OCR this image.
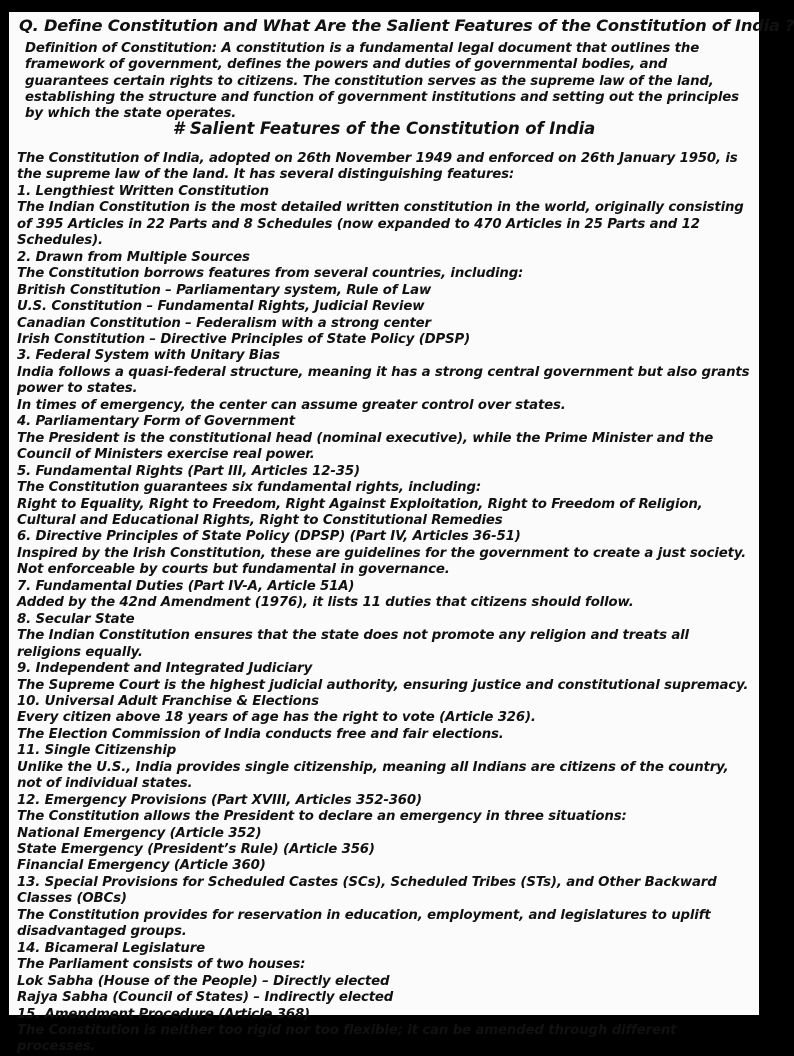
Q. Define Constitution and What Are the Salient Features of the Constitution of India ?
Definition of Constitution: A constitution is a fundamental legal document that outlines the framework of government, defines the powers and duties of governmental bodies, and guarantees certain rights to citizens. The constitution serves as the supreme law of the land, establishing the structure and function of government institutions and setting out the principles by which the state operates.
# Salient Features of the Constitution of India
The Constitution of India, adopted on 26th November 1949 and enforced on 26th January 1950, is the supreme law of the land. It has several distinguishing features:
1. Lengthiest Written Constitution
The Indian Constitution is the most detailed written constitution in the world, originally consisting of 395 Articles in 22 Parts and 8 Schedules (now expanded to 470 Articles in 25 Parts and 12 Schedules).
2. Drawn from Multiple Sources
The Constitution borrows features from several countries, including:
British Constitution – Parliamentary system, Rule of Law
U.S. Constitution – Fundamental Rights, Judicial Review
Canadian Constitution – Federalism with a strong center
Irish Constitution – Directive Principles of State Policy (DPSP)
3. Federal System with Unitary Bias
India follows a quasi-federal structure, meaning it has a strong central government but also grants power to states.
In times of emergency, the center can assume greater control over states.
4. Parliamentary Form of Government
The President is the constitutional head (nominal executive), while the Prime Minister and the Council of Ministers exercise real power.
5. Fundamental Rights (Part III, Articles 12-35)
The Constitution guarantees six fundamental rights, including:
Right to Equality, Right to Freedom, Right Against Exploitation, Right to Freedom of Religion, Cultural and Educational Rights, Right to Constitutional Remedies
6. Directive Principles of State Policy (DPSP) (Part IV, Articles 36-51)
Inspired by the Irish Constitution, these are guidelines for the government to create a just society.
Not enforceable by courts but fundamental in governance.
7. Fundamental Duties (Part IV-A, Article 51A)
Added by the 42nd Amendment (1976), it lists 11 duties that citizens should follow.
8. Secular State
The Indian Constitution ensures that the state does not promote any religion and treats all religions equally.
9. Independent and Integrated Judiciary
The Supreme Court is the highest judicial authority, ensuring justice and constitutional supremacy.
10. Universal Adult Franchise & Elections
Every citizen above 18 years of age has the right to vote (Article 326).
The Election Commission of India conducts free and fair elections.
11. Single Citizenship
Unlike the U.S., India provides single citizenship, meaning all Indians are citizens of the country, not of individual states.
12. Emergency Provisions (Part XVIII, Articles 352-360)
The Constitution allows the President to declare an emergency in three situations:
National Emergency (Article 352)
State Emergency (President’s Rule) (Article 356)
Financial Emergency (Article 360)
13. Special Provisions for Scheduled Castes (SCs), Scheduled Tribes (STs), and Other Backward Classes (OBCs)
The Constitution provides for reservation in education, employment, and legislatures to uplift disadvantaged groups.
14. Bicameral Legislature
The Parliament consists of two houses:
Lok Sabha (House of the People) – Directly elected
Rajya Sabha (Council of States) – Indirectly elected
15. Amendment Procedure (Article 368)
The Constitution is neither too rigid nor too flexible; it can be amended through different processes.
